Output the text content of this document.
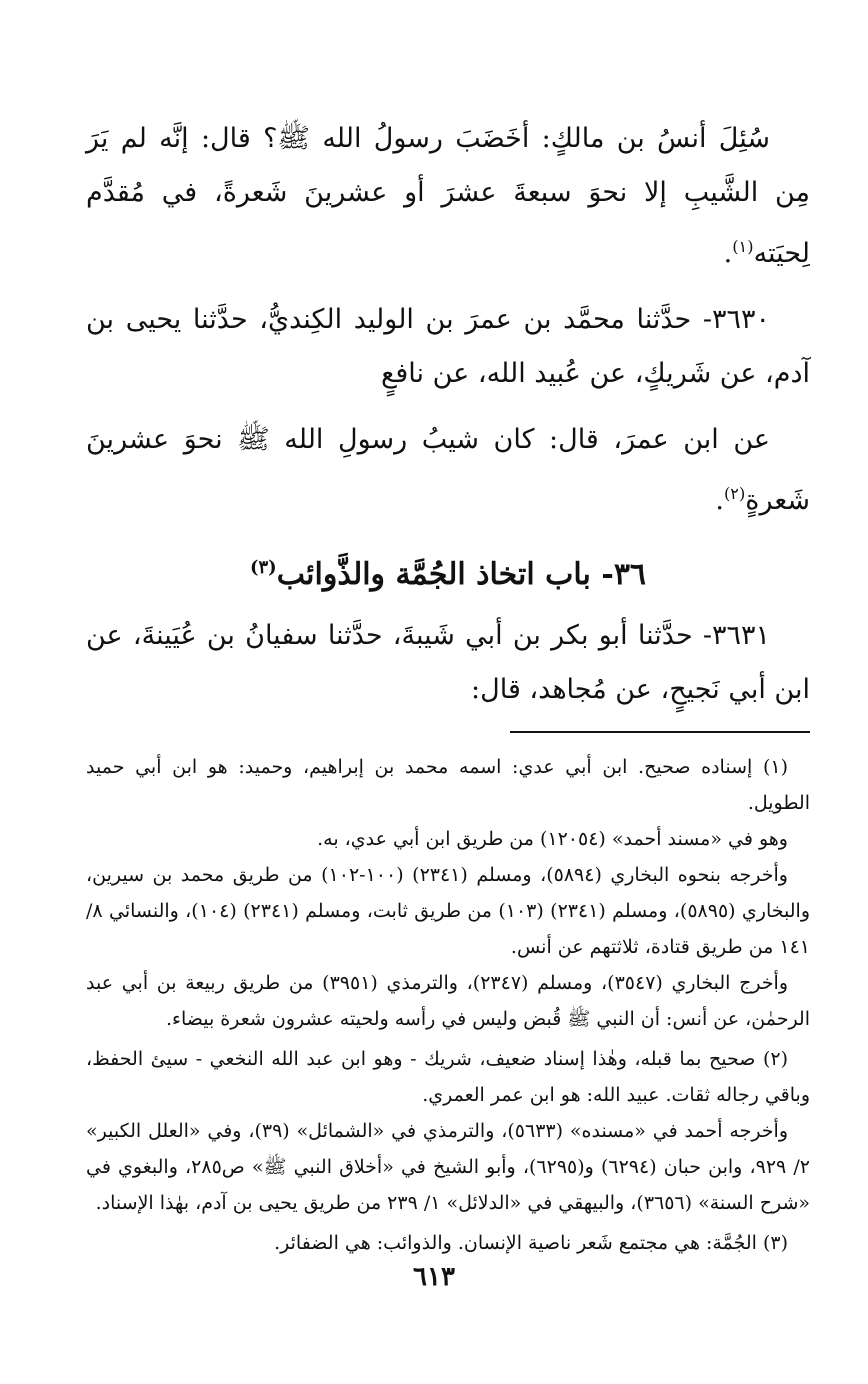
سُئِلَ أنسُ بن مالكٍ: أخَضَبَ رسولُ الله ﷺ؟ قال: إنَّه لم يَرَ مِن الشَّيبِ إلا نحوَ سبعةَ عشرَ أو عشرينَ شَعرةً، في مُقدَّم لِحيَته$^{(١)}$.

٣٦٣٠- حدَّثنا محمَّد بن عمرَ بن الوليد الكِنديُّ، حدَّثنا يحيى بن آدم، عن شَريكٍ، عن عُبيد الله، عن نافعٍ

عن ابن عمرَ، قال: كان شيبُ رسولِ الله ﷺ نحوَ عشرينَ شَعرةٍ$^{(٢)}$.

٣٦- باب اتخاذ الجُمَّة والذَّوائب$^{(٣)}$

٣٦٣١- حدَّثنا أبو بكر بن أبي شَيبةَ، حدَّثنا سفيانُ بن عُيَينةَ، عن ابن أبي نَجيحٍ، عن مُجاهد، قال:

(١) إسناده صحيح. ابن أبي عدي: اسمه محمد بن إبراهيم، وحميد: هو ابن أبي حميد الطويل.

وهو في «مسند أحمد» (١٢٠٥٤) من طريق ابن أبي عدي، به.

وأخرجه بنحوه البخاري (٥٨٩٤)، ومسلم (٢٣٤١) (١٠٠-١٠٢) من طريق محمد بن سيرين، والبخاري (٥٨٩٥)، ومسلم (٢٣٤١) (١٠٣) من طريق ثابت، ومسلم (٢٣٤١) (١٠٤)، والنسائي ٨/ ١٤١ من طريق قتادة، ثلاثتهم عن أنس.

وأخرج البخاري (٣٥٤٧)، ومسلم (٢٣٤٧)، والترمذي (٣٩٥١) من طريق ربيعة بن أبي عبد الرحمٰن، عن أنس: أن النبي ﷺ قُبض وليس في رأسه ولحيته عشرون شعرة بيضاء.

(٢) صحيح بما قبله، وهٰذا إسناد ضعيف، شريك - وهو ابن عبد الله النخعي - سيئ الحفظ، وباقي رجاله ثقات. عبيد الله: هو ابن عمر العمري.

وأخرجه أحمد في «مسنده» (٥٦٣٣)، والترمذي في «الشمائل» (٣٩)، وفي «العلل الكبير» ٢/ ٩٢٩، وابن حبان (٦٢٩٤) و(٦٢٩٥)، وأبو الشيخ في «أخلاق النبي ﷺ» ص٢٨٥، والبغوي في «شرح السنة» (٣٦٥٦)، والبيهقي في «الدلائل» ١/ ٢٣٩ من طريق يحيى بن آدم، بهٰذا الإسناد.

(٣) الجُمَّة: هي مجتمع شَعر ناصية الإنسان. والذوائب: هي الضفائر.

٦١٣
